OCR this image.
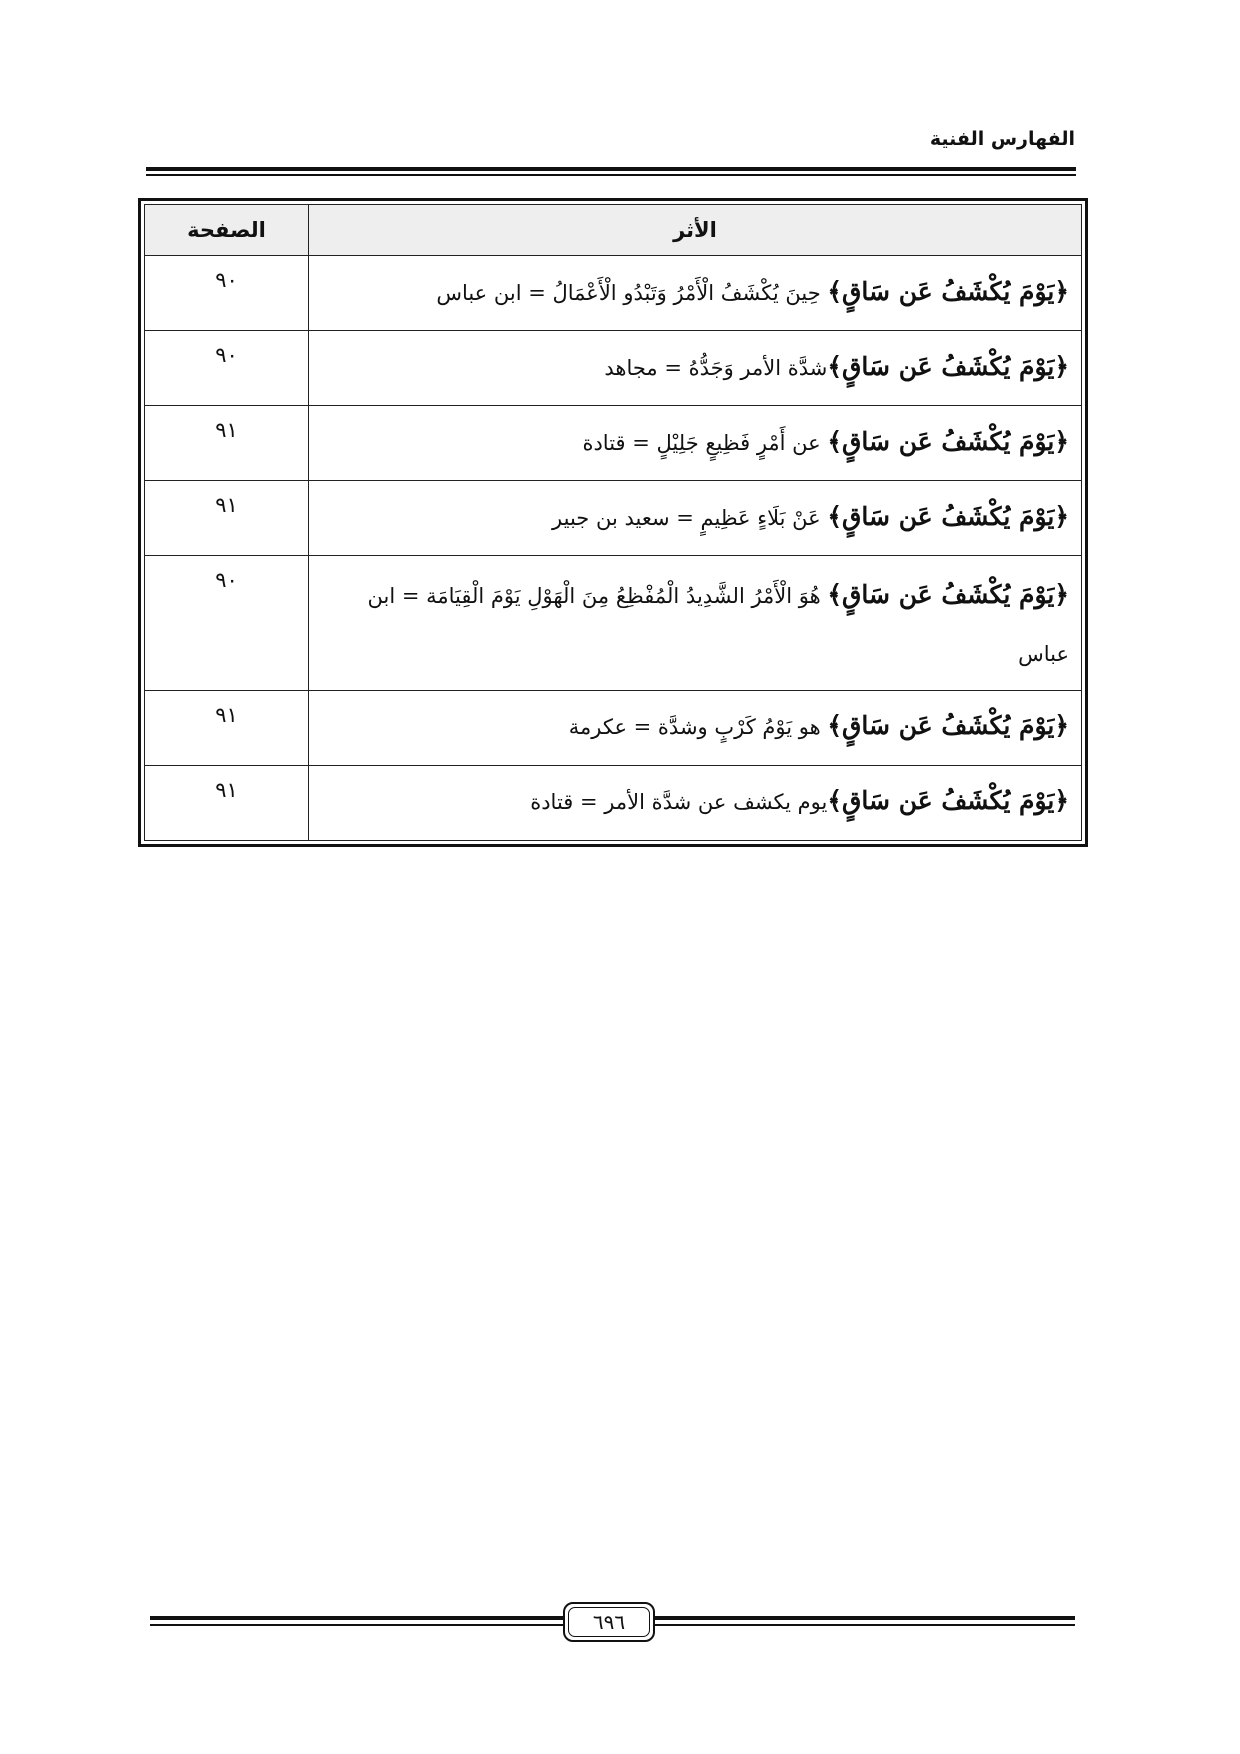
الفهارس الفنية
الأثر	الصفحة
﴿يَوْمَ يُكْشَفُ عَن سَاقٍ﴾ حِينَ يُكْشَفُ الْأَمْرُ وَتَبْدُو الْأَعْمَالُ = ابن عباس	٩٠
﴿يَوْمَ يُكْشَفُ عَن سَاقٍ﴾شدَّة الأمر وَجَدُّهُ = مجاهد	٩٠
﴿يَوْمَ يُكْشَفُ عَن سَاقٍ﴾ عن أَمْرٍ فَظِيعٍ جَلِيْلٍ = قتادة	٩١
﴿يَوْمَ يُكْشَفُ عَن سَاقٍ﴾ عَنْ بَلَاءٍ عَظِيمٍ = سعيد بن جبير	٩١
﴿يَوْمَ يُكْشَفُ عَن سَاقٍ﴾ هُوَ الْأَمْرُ الشَّدِيدُ الْمُفْظِعُ مِنَ الْهَوْلِ يَوْمَ الْقِيَامَة = ابن عباس	٩٠
﴿يَوْمَ يُكْشَفُ عَن سَاقٍ﴾ هو يَوْمُ كَرْبٍ وشدَّة = عكرمة	٩١
﴿يَوْمَ يُكْشَفُ عَن سَاقٍ﴾يوم يكشف عن شدَّة الأمر = قتادة	٩١
٦٩٦
